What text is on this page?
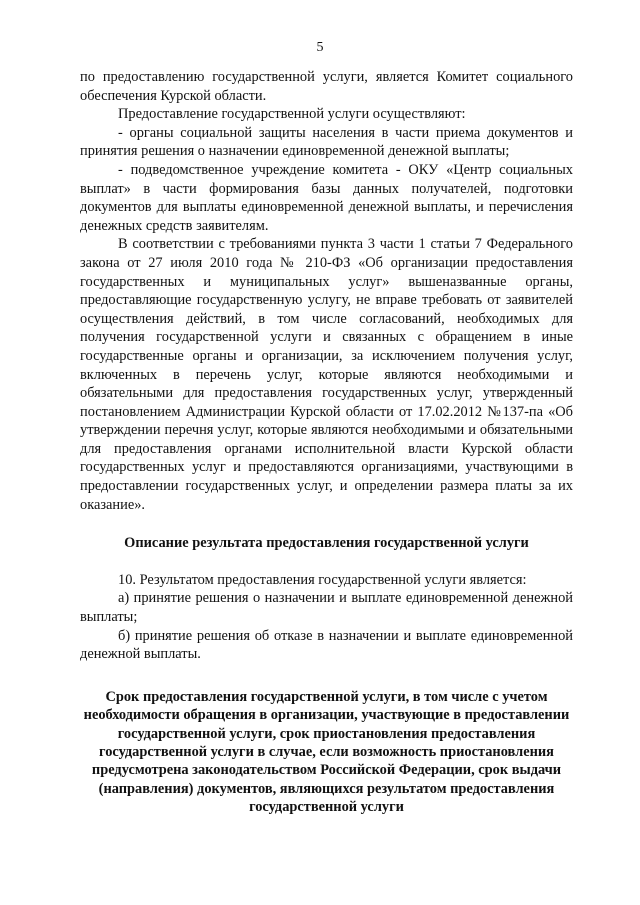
5

по предоставлению государственной услуги, является Комитет социального обеспечения Курской области.

Предоставление государственной услуги осуществляют:

- органы социальной защиты населения в части приема документов и принятия решения о назначении единовременной денежной выплаты;

- подведомственное учреждение комитета - ОКУ «Центр социальных выплат» в части формирования базы данных получателей, подготовки документов для выплаты единовременной денежной выплаты, и перечисления денежных средств заявителям.

В соответствии с требованиями пункта 3 части 1 статьи 7 Федерального закона от 27 июля 2010 года № 210-ФЗ «Об организации предоставления государственных и муниципальных услуг» вышеназванные органы, предоставляющие государственную услугу, не вправе требовать от заявителей осуществления действий, в том числе согласований, необходимых для получения государственной услуги и связанных с обращением в иные государственные органы и организации, за исключением получения услуг, включенных в перечень услуг, которые являются необходимыми и обязательными для предоставления государственных услуг, утвержденный постановлением Администрации Курской области от 17.02.2012 №137-па «Об утверждении перечня услуг, которые являются необходимыми и обязательными для предоставления органами исполнительной власти Курской области государственных услуг и предоставляются организациями, участвующими в предоставлении государственных услуг, и определении размера платы за их оказание».

Описание результата предоставления государственной услуги

10. Результатом предоставления государственной услуги является:

а) принятие решения о назначении и выплате единовременной денежной выплаты;

б) принятие решения об отказе в назначении и выплате единовременной денежной выплаты.

Срок предоставления государственной услуги, в том числе с учетом необходимости обращения в организации, участвующие в предоставлении государственной услуги, срок приостановления предоставления государственной услуги в случае, если возможность приостановления предусмотрена законодательством Российской Федерации, срок выдачи (направления) документов, являющихся результатом предоставления государственной услуги
